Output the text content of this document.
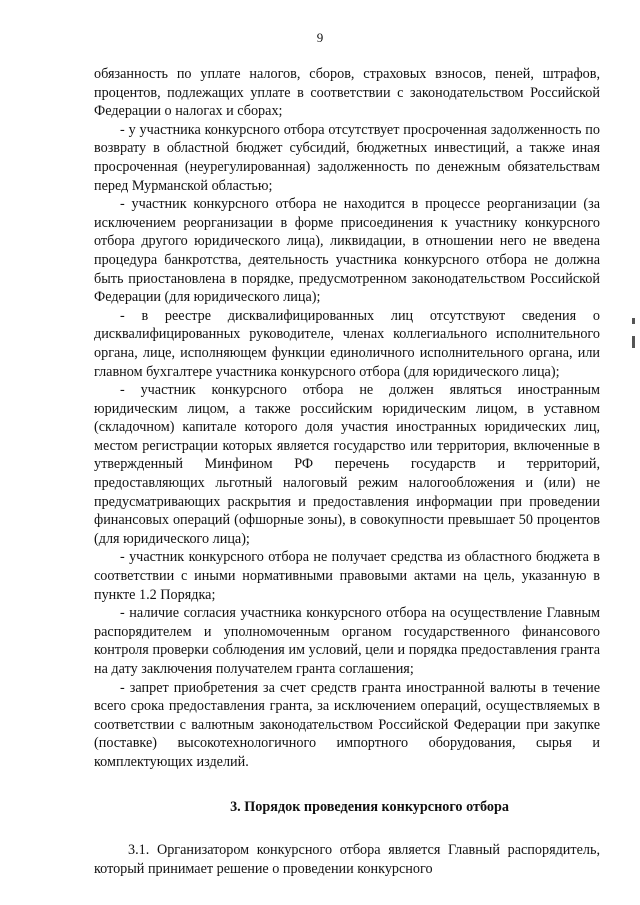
9

обязанность по уплате налогов, сборов, страховых взносов, пеней, штрафов, процентов, подлежащих уплате в соответствии с законодательством Российской Федерации о налогах и сборах;

- у участника конкурсного отбора отсутствует просроченная задолженность по возврату в областной бюджет субсидий, бюджетных инвестиций, а также иная просроченная (неурегулированная) задолженность по денежным обязательствам перед Мурманской областью;

- участник конкурсного отбора не находится в процессе реорганизации (за исключением реорганизации в форме присоединения к участнику конкурсного отбора другого юридического лица), ликвидации, в отношении него не введена процедура банкротства, деятельность участника конкурсного отбора не должна быть приостановлена в порядке, предусмотренном законодательством Российской Федерации (для юридического лица);

- в реестре дисквалифицированных лиц отсутствуют сведения о дисквалифицированных руководителе, членах коллегиального исполнительного органа, лице, исполняющем функции единоличного исполнительного органа, или главном бухгалтере участника конкурсного отбора (для юридического лица);

- участник конкурсного отбора не должен являться иностранным юридическим лицом, а также российским юридическим лицом, в уставном (складочном) капитале которого доля участия иностранных юридических лиц, местом регистрации которых является государство или территория, включенные в утвержденный Минфином РФ перечень государств и территорий, предоставляющих льготный налоговый режим налогообложения и (или) не предусматривающих раскрытия и предоставления информации при проведении финансовых операций (офшорные зоны), в совокупности превышает 50 процентов (для юридического лица);

- участник конкурсного отбора не получает средства из областного бюджета в соответствии с иными нормативными правовыми актами на цель, указанную в пункте 1.2 Порядка;

- наличие согласия участника конкурсного отбора на осуществление Главным распорядителем и уполномоченным органом государственного финансового контроля проверки соблюдения им условий, цели и порядка предоставления гранта на дату заключения получателем гранта соглашения;

- запрет приобретения за счет средств гранта иностранной валюты в течение всего срока предоставления гранта, за исключением операций, осуществляемых в соответствии с валютным законодательством Российской Федерации при закупке (поставке) высокотехнологичного импортного оборудования, сырья и комплектующих изделий.

3. Порядок проведения конкурсного отбора

3.1. Организатором конкурсного отбора является Главный распорядитель, который принимает решение о проведении конкурсного
